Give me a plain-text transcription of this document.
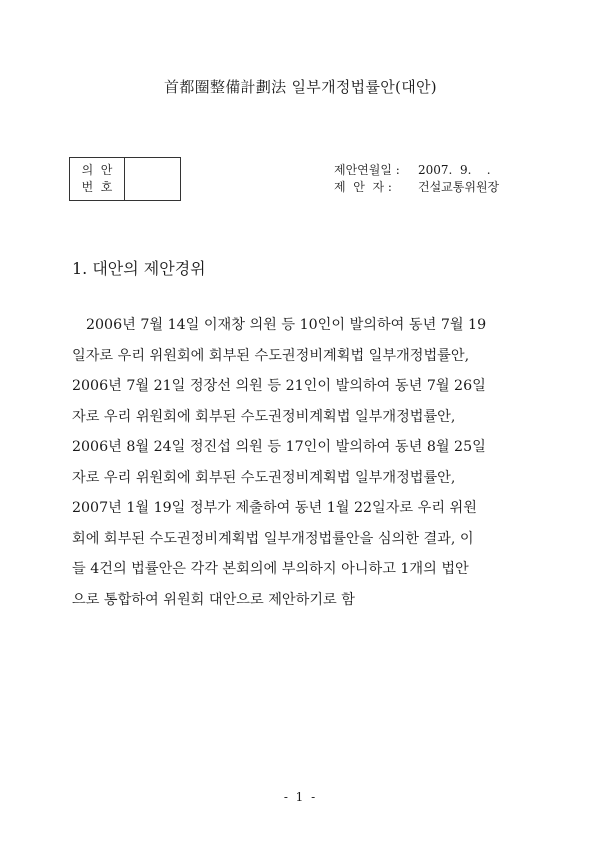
首都圈整備計劃法 일부개정법률안(대안)
의  안
번  호
제안연월일 :	2007.  9.    .
제  안  자 :	건설교통위원장
1. 대안의 제안경위
2006년 7월 14일 이재창 의원 등 10인이 발의하여 동년 7월 19
일자로 우리 위원회에 회부된 수도권정비계획법 일부개정법률안,
2006년 7월 21일 정장선 의원 등 21인이 발의하여 동년 7월 26일
자로 우리 위원회에 회부된 수도권정비계획법 일부개정법률안,
2006년 8월 24일 정진섭 의원 등 17인이 발의하여 동년 8월 25일
자로 우리 위원회에 회부된 수도권정비계획법 일부개정법률안,
2007년 1월 19일 정부가 제출하여 동년 1월 22일자로 우리 위원
회에 회부된 수도권정비계획법 일부개정법률안을 심의한 결과, 이
들 4건의 법률안은 각각 본회의에 부의하지 아니하고 1개의 법안
으로 통합하여 위원회 대안으로 제안하기로 함
- 1 -
